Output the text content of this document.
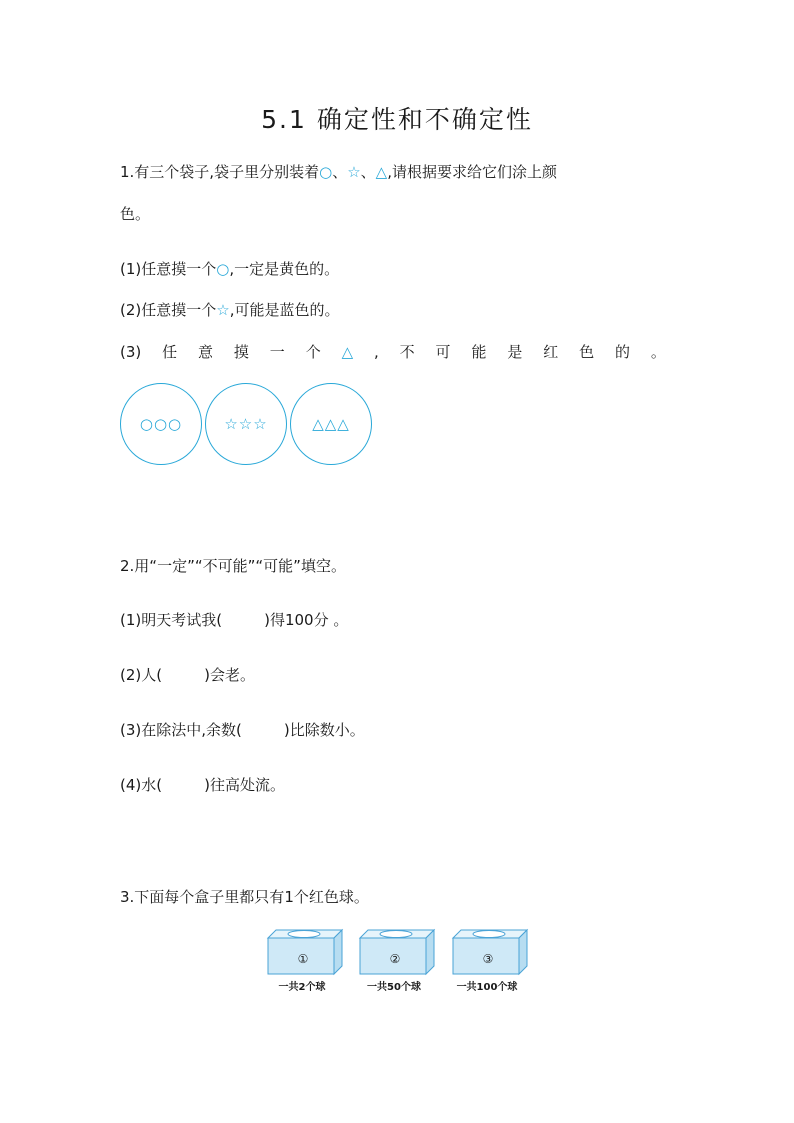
5.1 确定性和不确定性
1.有三个袋子,袋子里分别装着○、☆、△,请根据要求给它们涂上颜
色。
(1)任意摸一个○,一定是黄色的。
(2)任意摸一个☆,可能是蓝色的。
(3) 任 意 摸 一 个 △ , 不 可 能 是 红 色 的 。
○○○	☆☆☆	△△△
2.用“一定”“不可能”“可能”填空。
(1)明天考试我(	)得100分 。
(2)人(	)会老。
(3)在除法中,余数(	)比除数小。
(4)水(	)往高处流。
3.下面每个盒子里都只有1个红色球。
①
一共2个球
②
一共50个球
③
一共100个球
